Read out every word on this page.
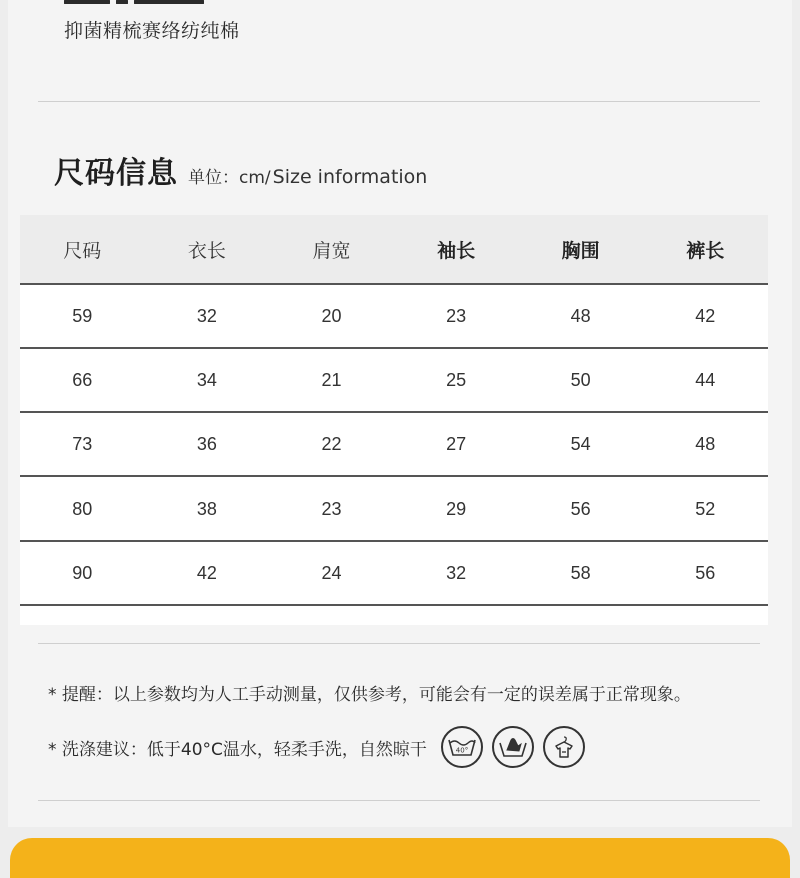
抑菌精梳赛络纺纯棉
尺码信息 单位：cm/ Size information
尺码	衣长	肩宽	袖长	胸围	裤长
59	32	20	23	48	42
66	34	21	25	50	44
73	36	22	27	54	48
80	38	23	29	56	52
90	42	24	32	58	56
* 提醒：以上参数均为人工手动测量，仅供参考，可能会有一定的误差属于正常现象。
* 洗涤建议：低于40°C温水，轻柔手洗，自然晾干	40°
